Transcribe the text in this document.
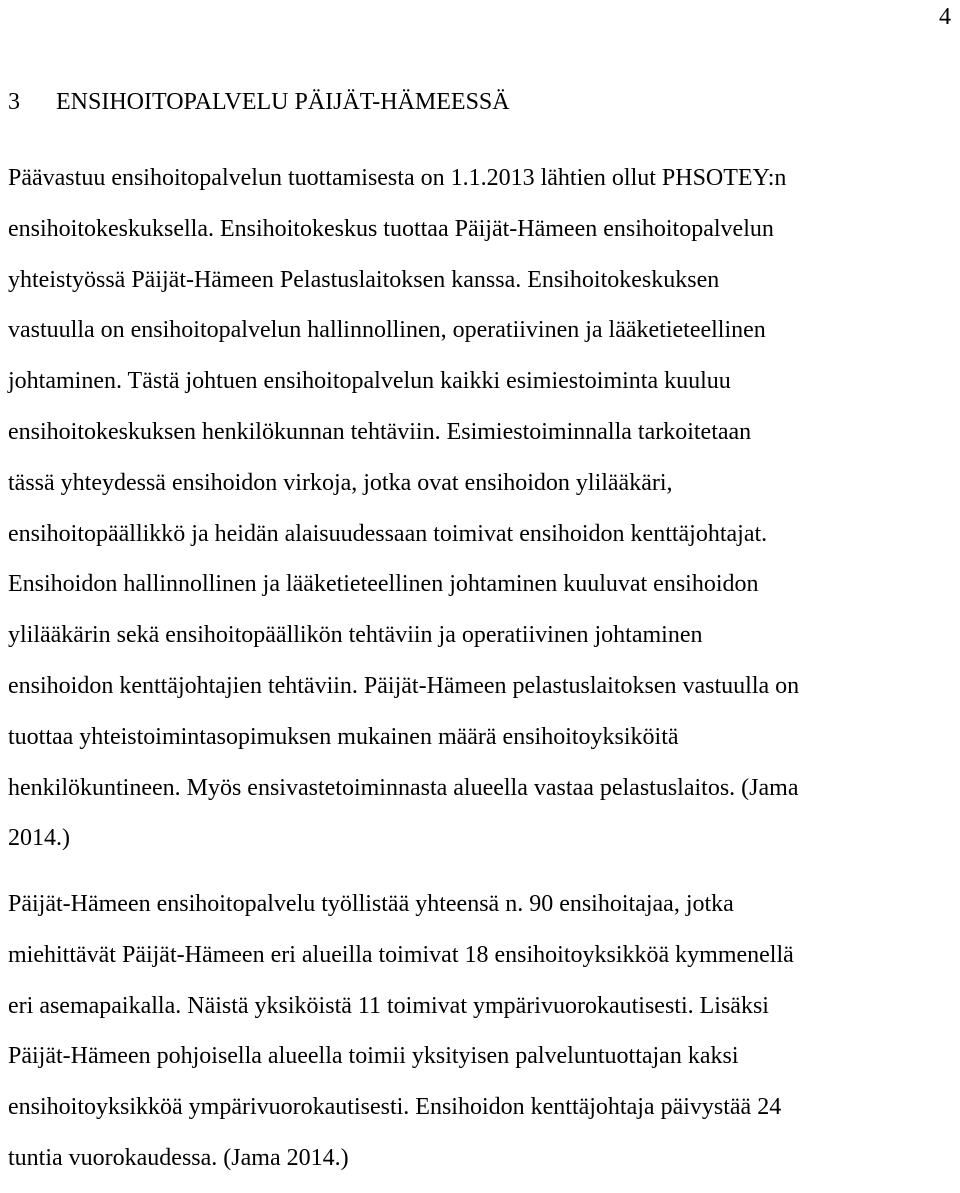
4
3 ENSIHOITOPALVELU PÄIJÄT-HÄMEESSÄ
Päävastuu ensihoitopalvelun tuottamisesta on 1.1.2013 lähtien ollut PHSOTEY:n
ensihoitokeskuksella. Ensihoitokeskus tuottaa Päijät-Hämeen ensihoitopalvelun
yhteistyössä Päijät-Hämeen Pelastuslaitoksen kanssa. Ensihoitokeskuksen
vastuulla on ensihoitopalvelun hallinnollinen, operatiivinen ja lääketieteellinen
johtaminen. Tästä johtuen ensihoitopalvelun kaikki esimiestoiminta kuuluu
ensihoitokeskuksen henkilökunnan tehtäviin. Esimiestoiminnalla tarkoitetaan
tässä yhteydessä ensihoidon virkoja, jotka ovat ensihoidon ylilääkäri,
ensihoitopäällikkö ja heidän alaisuudessaan toimivat ensihoidon kenttäjohtajat.
Ensihoidon hallinnollinen ja lääketieteellinen johtaminen kuuluvat ensihoidon
ylilääkärin sekä ensihoitopäällikön tehtäviin ja operatiivinen johtaminen
ensihoidon kenttäjohtajien tehtäviin. Päijät-Hämeen pelastuslaitoksen vastuulla on
tuottaa yhteistoimintasopimuksen mukainen määrä ensihoitoyksiköitä
henkilökuntineen. Myös ensivastetoiminnasta alueella vastaa pelastuslaitos. (Jama
2014.)
Päijät-Hämeen ensihoitopalvelu työllistää yhteensä n. 90 ensihoitajaa, jotka
miehittävät Päijät-Hämeen eri alueilla toimivat 18 ensihoitoyksikköä kymmenellä
eri asemapaikalla. Näistä yksiköistä 11 toimivat ympärivuorokautisesti. Lisäksi
Päijät-Hämeen pohjoisella alueella toimii yksityisen palveluntuottajan kaksi
ensihoitoyksikköä ympärivuorokautisesti. Ensihoidon kenttäjohtaja päivystää 24
tuntia vuorokaudessa. (Jama 2014.)
